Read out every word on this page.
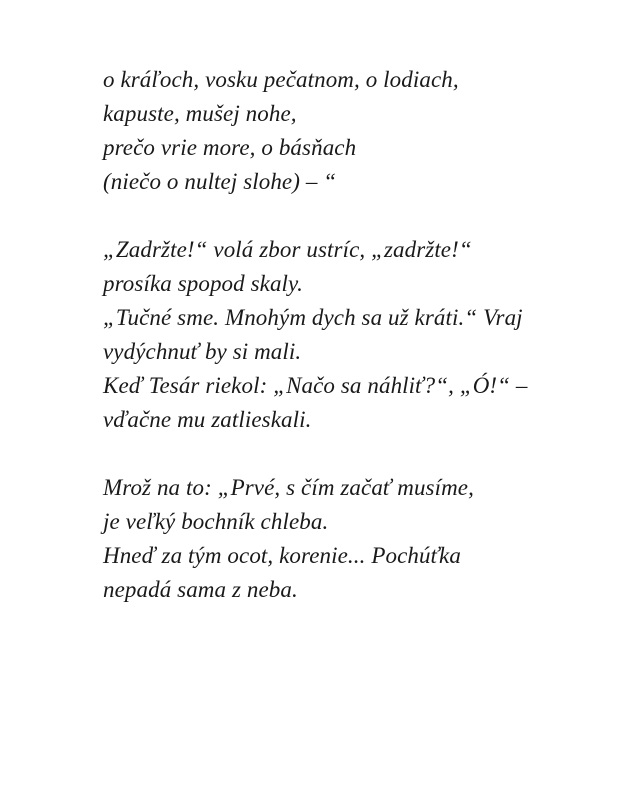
o kráľoch, vosku pečatnom, o lodiach,
kapuste, mušej nohe,
prečo vrie more, o básňach
(niečo o nultej slohe) – “
„Zadržte!“ volá zbor ustríc, „zadržte!“
prosíka spopod skaly.
„Tučné sme. Mnohým dych sa už kráti.“ Vraj
vydýchnuť by si mali.
Keď Tesár riekol: „Načo sa náhliť?“, „Ó!“ –
vďačne mu zatlieskali.
Mrož na to: „Prvé, s čím začať musíme,
je veľký bochník chleba.
Hneď za tým ocot, korenie... Pochúťka
nepadá sama z neba.
